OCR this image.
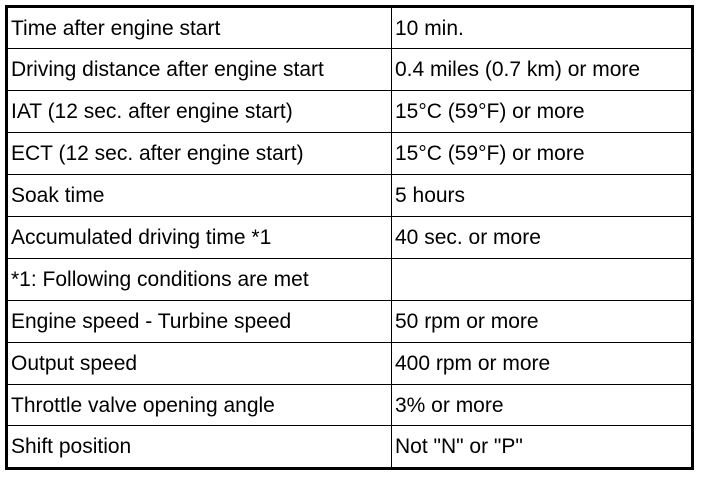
Time after engine start	10 min.
Driving distance after engine start	0.4 miles (0.7 km) or more
IAT (12 sec. after engine start)	15°C (59°F) or more
ECT (12 sec. after engine start)	15°C (59°F) or more
Soak time	5 hours
Accumulated driving time *1	40 sec. or more
*1: Following conditions are met	
Engine speed - Turbine speed	50 rpm or more
Output speed	400 rpm or more
Throttle valve opening angle	3% or more
Shift position	Not "N" or "P"
